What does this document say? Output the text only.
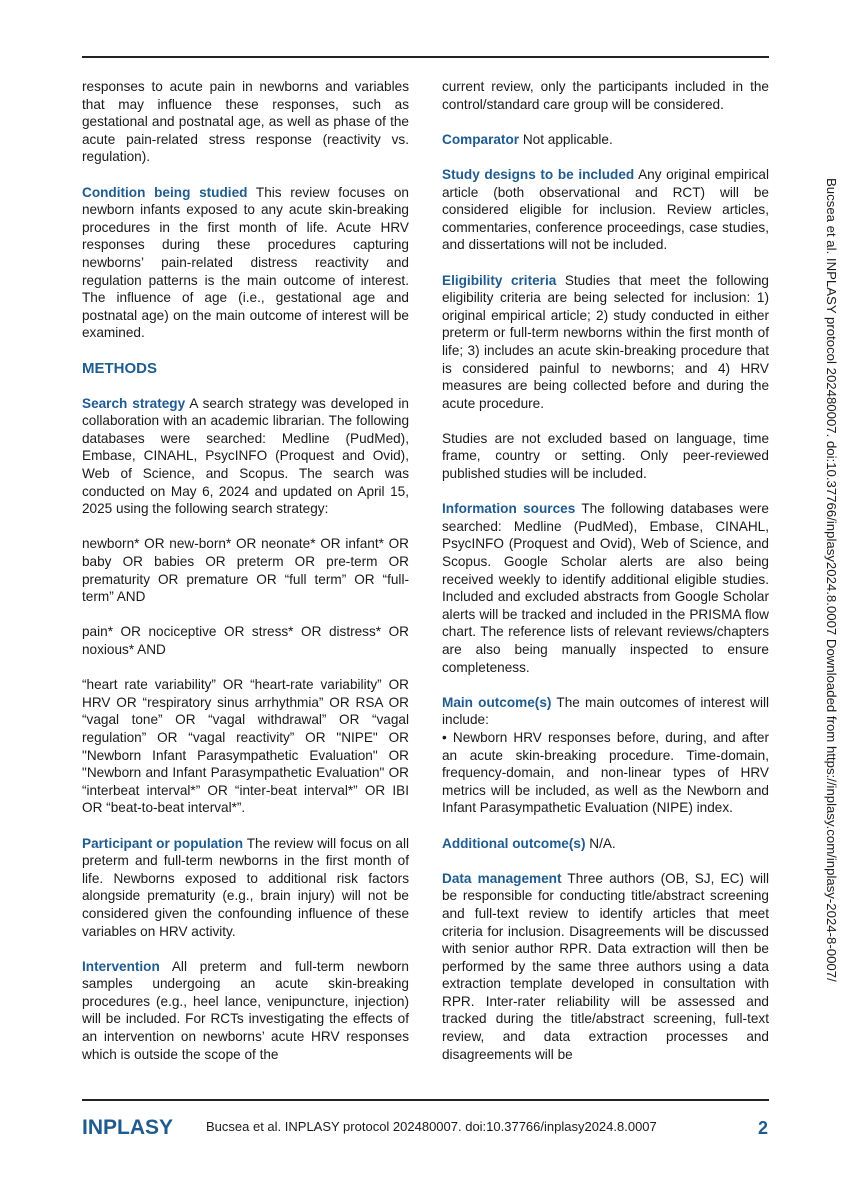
responses to acute pain in newborns and variables that may influence these responses, such as gestational and postnatal age, as well as phase of the acute pain-related stress response (reactivity vs. regulation).

Condition being studied This review focuses on newborn infants exposed to any acute skin-breaking procedures in the first month of life. Acute HRV responses during these procedures capturing newborns’ pain-related distress reactivity and regulation patterns is the main outcome of interest. The influence of age (i.e., gestational age and postnatal age) on the main outcome of interest will be examined.

METHODS

Search strategy A search strategy was developed in collaboration with an academic librarian. The following databases were searched: Medline (PudMed), Embase, CINAHL, PsycINFO (Proquest and Ovid), Web of Science, and Scopus. The search was conducted on May 6, 2024 and updated on April 15, 2025 using the following search strategy:

newborn* OR new-born* OR neonate* OR infant* OR baby OR babies OR preterm OR pre-term OR prematurity OR premature OR “full term” OR “full-term” AND

pain* OR nociceptive OR stress* OR distress* OR noxious* AND

“heart rate variability” OR “heart-rate variability” OR HRV OR “respiratory sinus arrhythmia” OR RSA OR “vagal tone” OR “vagal withdrawal” OR “vagal regulation” OR “vagal reactivity” OR "NIPE" OR "Newborn Infant Parasympathetic Evaluation" OR "Newborn and Infant Parasympathetic Evaluation" OR “interbeat interval*” OR “inter-beat interval*” OR IBI OR “beat-to-beat interval*”.

Participant or population The review will focus on all preterm and full-term newborns in the first month of life. Newborns exposed to additional risk factors alongside prematurity (e.g., brain injury) will not be considered given the confounding influence of these variables on HRV activity.

Intervention All preterm and full-term newborn samples undergoing an acute skin-breaking procedures (e.g., heel lance, venipuncture, injection) will be included. For RCTs investigating the effects of an intervention on newborns’ acute HRV responses which is outside the scope of the

current review, only the participants included in the control/standard care group will be considered.

Comparator Not applicable.

Study designs to be included Any original empirical article (both observational and RCT) will be considered eligible for inclusion. Review articles, commentaries, conference proceedings, case studies, and dissertations will not be included.

Eligibility criteria Studies that meet the following eligibility criteria are being selected for inclusion: 1) original empirical article; 2) study conducted in either preterm or full-term newborns within the first month of life; 3) includes an acute skin-breaking procedure that is considered painful to newborns; and 4) HRV measures are being collected before and during the acute procedure.

Studies are not excluded based on language, time frame, country or setting. Only peer-reviewed published studies will be included.

Information sources The following databases were searched: Medline (PudMed), Embase, CINAHL, PsycINFO (Proquest and Ovid), Web of Science, and Scopus. Google Scholar alerts are also being received weekly to identify additional eligible studies. Included and excluded abstracts from Google Scholar alerts will be tracked and included in the PRISMA flow chart. The reference lists of relevant reviews/chapters are also being manually inspected to ensure completeness.

Main outcome(s) The main outcomes of interest will include:

• Newborn HRV responses before, during, and after an acute skin-breaking procedure. Time-domain, frequency-domain, and non-linear types of HRV metrics will be included, as well as the Newborn and Infant Parasympathetic Evaluation (NIPE) index.

Additional outcome(s) N/A.

Data management Three authors (OB, SJ, EC) will be responsible for conducting title/abstract screening and full-text review to identify articles that meet criteria for inclusion. Disagreements will be discussed with senior author RPR. Data extraction will then be performed by the same three authors using a data extraction template developed in consultation with RPR. Inter-rater reliability will be assessed and tracked during the title/abstract screening, full-text review, and data extraction processes and disagreements will be

Bucsea et al. INPLASY protocol 202480007. doi:10.37766/inplasy2024.8.0007 Downloaded from https://inplasy.com/inplasy-2024-8-0007/
INPLASY	Bucsea et al. INPLASY protocol 202480007. doi:10.37766/inplasy2024.8.0007	2
